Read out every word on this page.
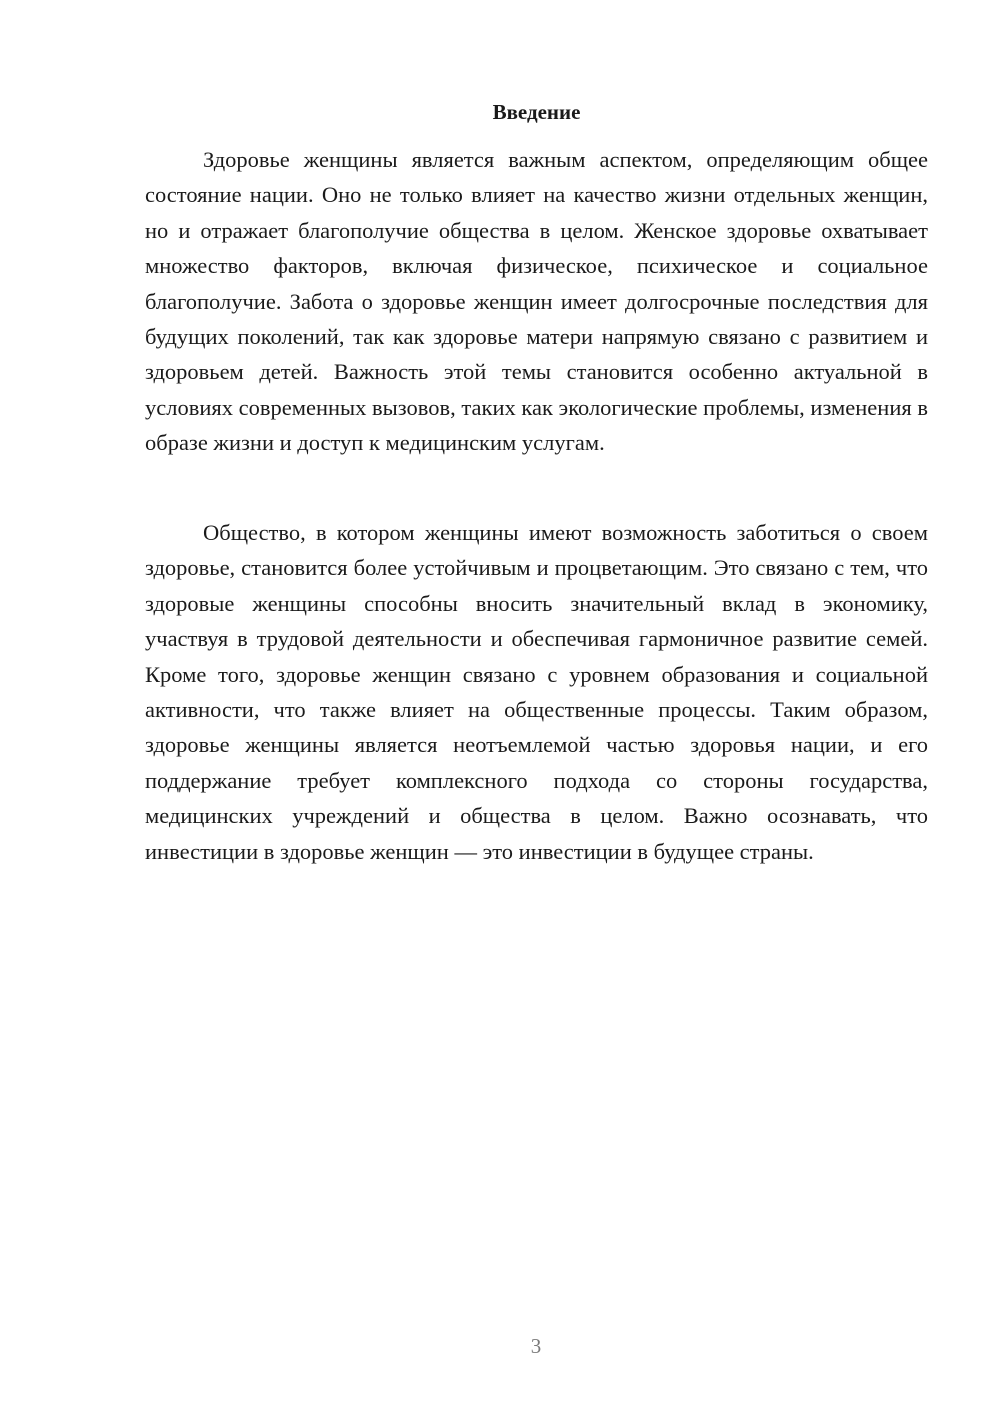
Введение

Здоровье женщины является важным аспектом, определяющим общее состояние нации. Оно не только влияет на качество жизни отдельных женщин, но и отражает благополучие общества в целом. Женское здоровье охватывает множество факторов, включая физическое, психическое и социальное благополучие. Забота о здоровье женщин имеет долгосрочные последствия для будущих поколений, так как здоровье матери напрямую связано с развитием и здоровьем детей. Важность этой темы становится особенно актуальной в условиях современных вызовов, таких как экологические проблемы, изменения в образе жизни и доступ к медицинским услугам.

Общество, в котором женщины имеют возможность заботиться о своем здоровье, становится более устойчивым и процветающим. Это связано с тем, что здоровые женщины способны вносить значительный вклад в экономику, участвуя в трудовой деятельности и обеспечивая гармоничное развитие семей. Кроме того, здоровье женщин связано с уровнем образования и социальной активности, что также влияет на общественные процессы. Таким образом, здоровье женщины является неотъемлемой частью здоровья нации, и его поддержание требует комплексного подхода со стороны государства, медицинских учреждений и общества в целом. Важно осознавать, что инвестиции в здоровье женщин — это инвестиции в будущее страны.

3
